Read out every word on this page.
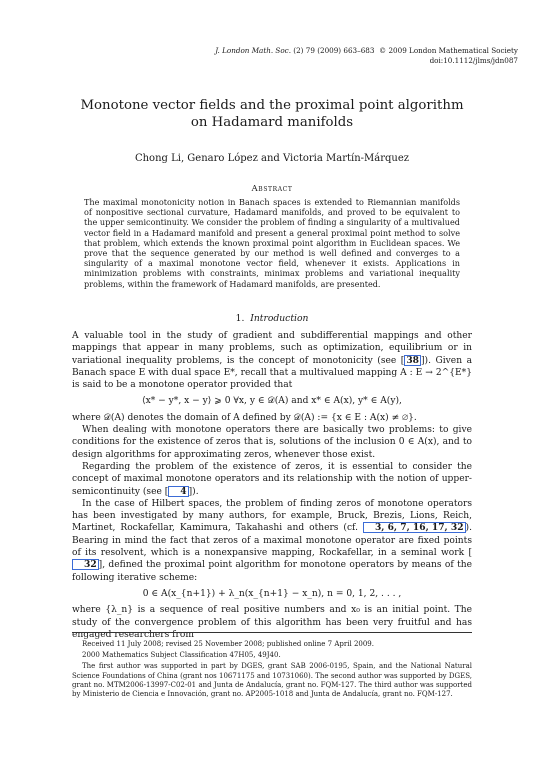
J. London Math. Soc. (2) 79 (2009) 663–683 © 2009 London Mathematical Society
doi:10.1112/jlms/jdn087
Monotone vector fields and the proximal point algorithm
on Hadamard manifolds
Chong Li, Genaro López and Victoria Martín-Márquez
Abstract
The maximal monotonicity notion in Banach spaces is extended to Riemannian manifolds of nonpositive sectional curvature, Hadamard manifolds, and proved to be equivalent to the upper semicontinuity. We consider the problem of finding a singularity of a multivalued vector field in a Hadamard manifold and present a general proximal point method to solve that problem, which extends the known proximal point algorithm in Euclidean spaces. We prove that the sequence generated by our method is well defined and converges to a singularity of a maximal monotone vector field, whenever it exists. Applications in minimization problems with constraints, minimax problems and variational inequality problems, within the framework of Hadamard manifolds, are presented.
1. Introduction

A valuable tool in the study of gradient and subdifferential mappings and other mappings that appear in many problems, such as optimization, equilibrium or in variational inequality problems, is the concept of monotonicity (see [ 38 ]). Given a Banach space E with dual space E*, recall that a multivalued mapping A : E → 2^{E*} is said to be a monotone operator provided that

⟨x* − y*, x − y⟩ ⩾ 0 ∀x, y ∈ 𝒟(A) and x* ∈ A(x), y* ∈ A(y),

where 𝒟(A) denotes the domain of A defined by 𝒟(A) := {x ∈ E : A(x) ≠ ∅}.

When dealing with monotone operators there are basically two problems: to give conditions for the existence of zeros that is, solutions of the inclusion 0 ∈ A(x), and to design algorithms for approximating zeros, whenever those exist.

Regarding the problem of the existence of zeros, it is essential to consider the concept of maximal monotone operators and its relationship with the notion of upper-semicontinuity (see [ 4 ]).

In the case of Hilbert spaces, the problem of finding zeros of monotone operators has been investigated by many authors, for example, Bruck, Brezis, Lions, Reich, Martinet, Rockafellar, Kamimura, Takahashi and others (cf. 3, 6, 7, 16, 17, 32 ). Bearing in mind the fact that zeros of a maximal monotone operator are fixed points of its resolvent, which is a nonexpansive mapping, Rockafellar, in a seminal work [32 ], defined the proximal point algorithm for monotone operators by means of the following iterative scheme:

0 ∈ A(x_{n+1}) + λ_n(x_{n+1} − x_n), n = 0, 1, 2, . . . ,

where {λ_n} is a sequence of real positive numbers and x₀ is an initial point. The study of the convergence problem of this algorithm has been very fruitful and has engaged researchers from

Received 11 July 2008; revised 25 November 2008; published online 7 April 2009.
2000 Mathematics Subject Classification 47H05, 49J40.
The first author was supported in part by DGES, grant SAB 2006-0195, Spain, and the National Natural Science Foundations of China (grant nos 10671175 and 10731060). The second author was supported by DGES, grant no. MTM2006-13997-C02-01 and Junta de Andalucía, grant no. FQM-127. The third author was supported by Ministerio de Ciencia e Innovación, grant no. AP2005-1018 and Junta de Andalucía, grant no. FQM-127.
